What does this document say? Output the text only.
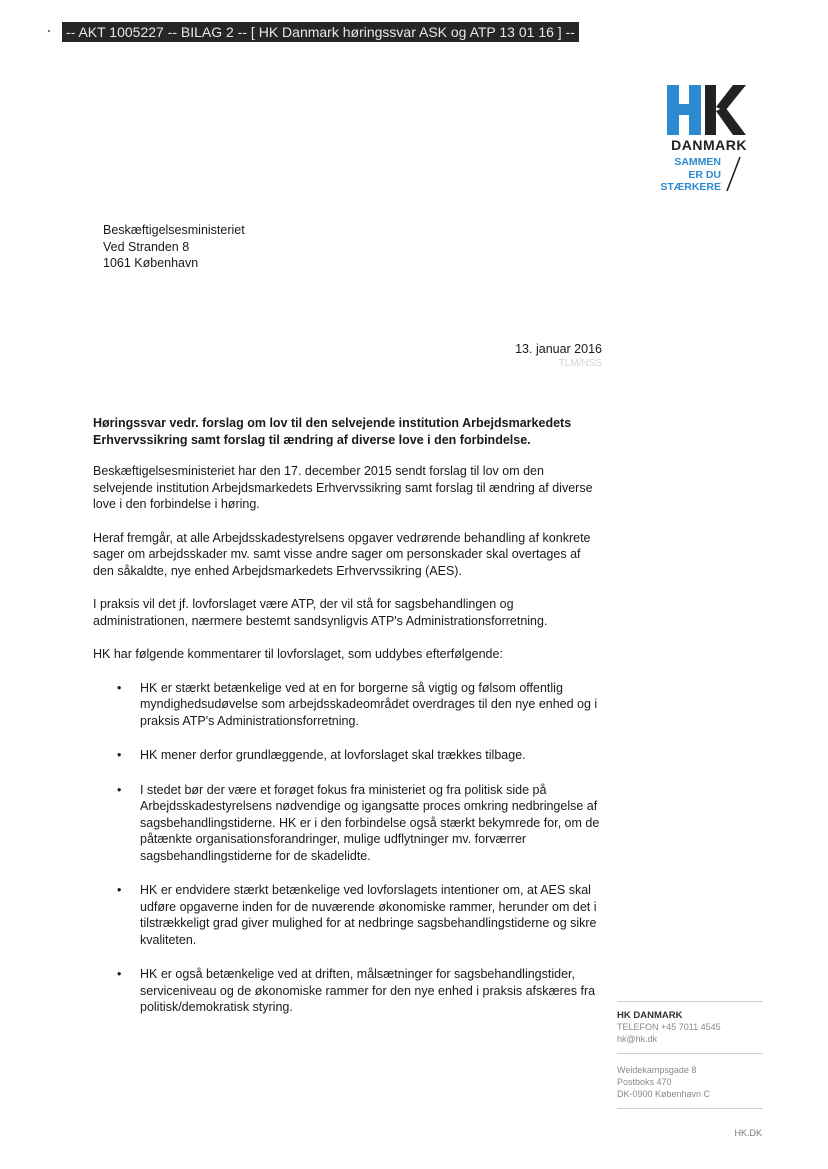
-- AKT 1005227 -- BILAG 2 -- [ HK Danmark høringssvar ASK og ATP 13 01 16 ] --
DANMARK
SAMMEN
ER DU
STÆRKERE
Beskæftigelsesministeriet
Ved Stranden 8
1061 København
13. januar 2016
TLM/NSS
Høringssvar vedr. forslag om lov til den selvejende institution Arbejdsmarkedets Erhvervssikring samt forslag til ændring af diverse love i den forbindelse.

Beskæftigelsesministeriet har den 17. december 2015 sendt forslag til lov om den selvejende institution Arbejdsmarkedets Erhvervssikring samt forslag til ændring af diverse love i den forbindelse i høring.

Heraf fremgår, at alle Arbejdsskadestyrelsens opgaver vedrørende behandling af konkrete sager om arbejdsskader mv. samt visse andre sager om personskader skal overtages af den såkaldte, nye enhed Arbejdsmarkedets Erhvervssikring (AES).

I praksis vil det jf. lovforslaget være ATP, der vil stå for sagsbehandlingen og administrationen, nærmere bestemt sandsynligvis ATP's Administrationsforretning.

HK har følgende kommentarer til lovforslaget, som uddybes efterfølgende:

• HK er stærkt betænkelige ved at en for borgerne så vigtig og følsom offentlig myndighedsudøvelse som arbejdsskadeområdet overdrages til den nye enhed og i praksis ATP's Administrationsforretning.
• HK mener derfor grundlæggende, at lovforslaget skal trækkes tilbage.
• I stedet bør der være et forøget fokus fra ministeriet og fra politisk side på Arbejdsskadestyrelsens nødvendige og igangsatte proces omkring nedbringelse af sagsbehandlingstiderne. HK er i den forbindelse også stærkt bekymrede for, om de påtænkte organisationsforandringer, mulige udflytninger mv. forværrer sagsbehandlingstiderne for de skadelidte.
• HK er endvidere stærkt betænkelige ved lovforslagets intentioner om, at AES skal udføre opgaverne inden for de nuværende økonomiske rammer, herunder om det i tilstrækkeligt grad giver mulighed for at nedbringe sagsbehandlingstiderne og sikre kvaliteten.
• HK er også betænkelige ved at driften, målsætninger for sagsbehandlingstider, serviceniveau og de økonomiske rammer for den nye enhed i praksis afskæres fra politisk/demokratisk styring.
HK DANMARK
TELEFON +45 7011 4545
hk@hk.dk
Weidekampsgade 8
Postboks 470
DK-0900 København C
HK.DK
